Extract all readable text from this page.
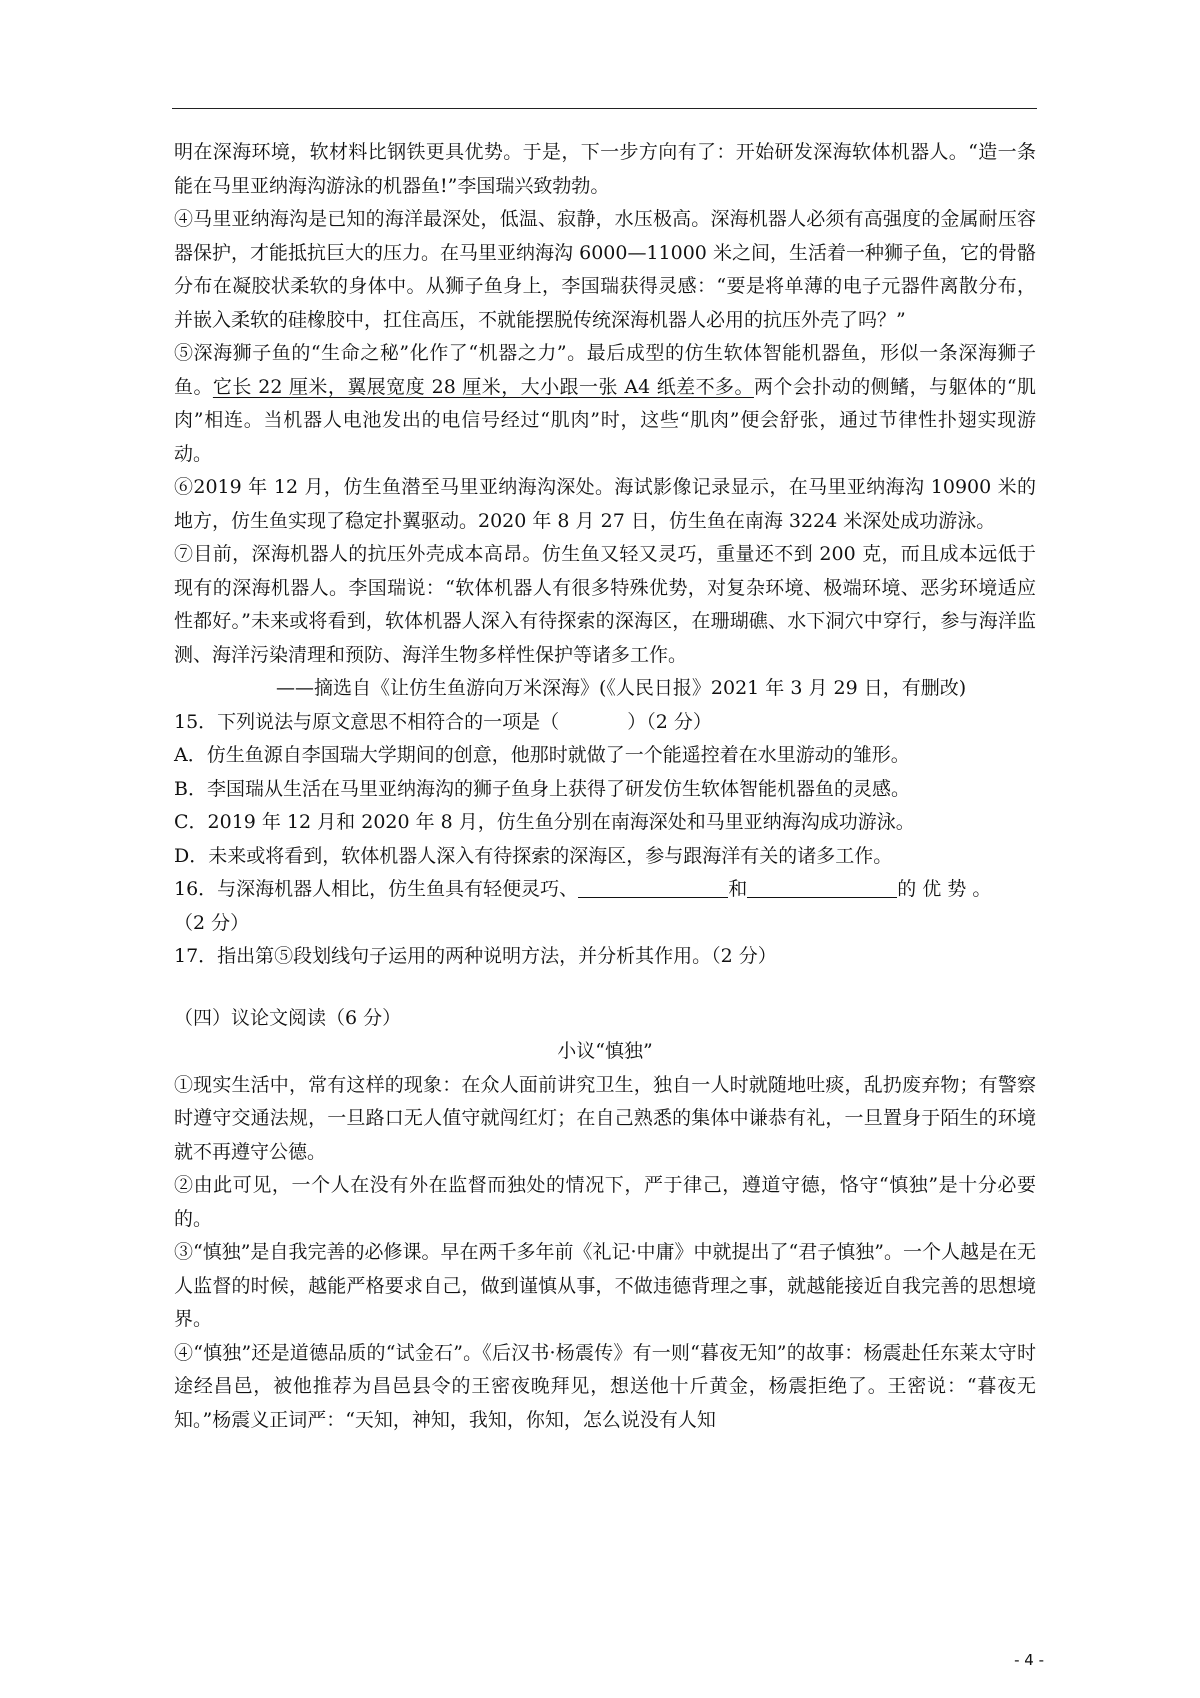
明在深海环境，软材料比钢铁更具优势。于是，下一步方向有了：开始研发深海软体机器人。“造一条能在马里亚纳海沟游泳的机器鱼!”李国瑞兴致勃勃。

④马里亚纳海沟是已知的海洋最深处，低温、寂静，水压极高。深海机器人必须有高强度的金属耐压容器保护，才能抵抗巨大的压力。在马里亚纳海沟 6000—11000 米之间，生活着一种狮子鱼，它的骨骼分布在凝胶状柔软的身体中。从狮子鱼身上，李国瑞获得灵感：“要是将单薄的电子元器件离散分布，并嵌入柔软的硅橡胶中，扛住高压，不就能摆脱传统深海机器人必用的抗压外壳了吗？”

⑤深海狮子鱼的“生命之秘”化作了“机器之力”。最后成型的仿生软体智能机器鱼，形似一条深海狮子鱼。它长 22 厘米，翼展宽度 28 厘米，大小跟一张 A4 纸差不多。两个会扑动的侧鳍，与躯体的“肌肉”相连。当机器人电池发出的电信号经过“肌肉”时，这些“肌肉”便会舒张，通过节律性扑翅实现游动。

⑥2019 年 12 月，仿生鱼潜至马里亚纳海沟深处。海试影像记录显示，在马里亚纳海沟 10900 米的地方，仿生鱼实现了稳定扑翼驱动。2020 年 8 月 27 日，仿生鱼在南海 3224 米深处成功游泳。

⑦目前，深海机器人的抗压外壳成本高昂。仿生鱼又轻又灵巧，重量还不到 200 克，而且成本远低于现有的深海机器人。李国瑞说：“软体机器人有很多特殊优势，对复杂环境、极端环境、恶劣环境适应性都好。”未来或将看到，软体机器人深入有待探索的深海区，在珊瑚礁、水下洞穴中穿行，参与海洋监测、海洋污染清理和预防、海洋生物多样性保护等诸多工作。

——摘选自《让仿生鱼游向万米深海》(《人民日报》2021 年 3 月 29 日，有删改)

15．下列说法与原文意思不相符合的一项是（	）（2 分）

A．仿生鱼源自李国瑞大学期间的创意，他那时就做了一个能遥控着在水里游动的雏形。

B．李国瑞从生活在马里亚纳海沟的狮子鱼身上获得了研发仿生软体智能机器鱼的灵感。

C．2019 年 12 月和 2020 年 8 月，仿生鱼分别在南海深处和马里亚纳海沟成功游泳。

D．未来或将看到，软体机器人深入有待探索的深海区，参与跟海洋有关的诸多工作。

16．与深海机器人相比，仿生鱼具有轻便灵巧、	和	的 优 势 。
（2 分）

17．指出第⑤段划线句子运用的两种说明方法，并分析其作用。（2 分）

（四）议论文阅读（6 分）

小议“慎独”

①现实生活中，常有这样的现象：在众人面前讲究卫生，独自一人时就随地吐痰，乱扔废弃物；有警察时遵守交通法规，一旦路口无人值守就闯红灯；在自己熟悉的集体中谦恭有礼，一旦置身于陌生的环境就不再遵守公德。

②由此可见，一个人在没有外在监督而独处的情况下，严于律己，遵道守德，恪守“慎独”是十分必要的。

③“慎独”是自我完善的必修课。早在两千多年前《礼记·中庸》中就提出了“君子慎独”。一个人越是在无人监督的时候，越能严格要求自己，做到谨慎从事，不做违德背理之事，就越能接近自我完善的思想境界。

④“慎独”还是道德品质的“试金石”。《后汉书·杨震传》有一则“暮夜无知”的故事：杨震赴任东莱太守时途经昌邑，被他推荐为昌邑县令的王密夜晚拜见，想送他十斤黄金，杨震拒绝了。王密说：“暮夜无知。”杨震义正词严：“天知，神知，我知，你知，怎么说没有人知

- 4 -
